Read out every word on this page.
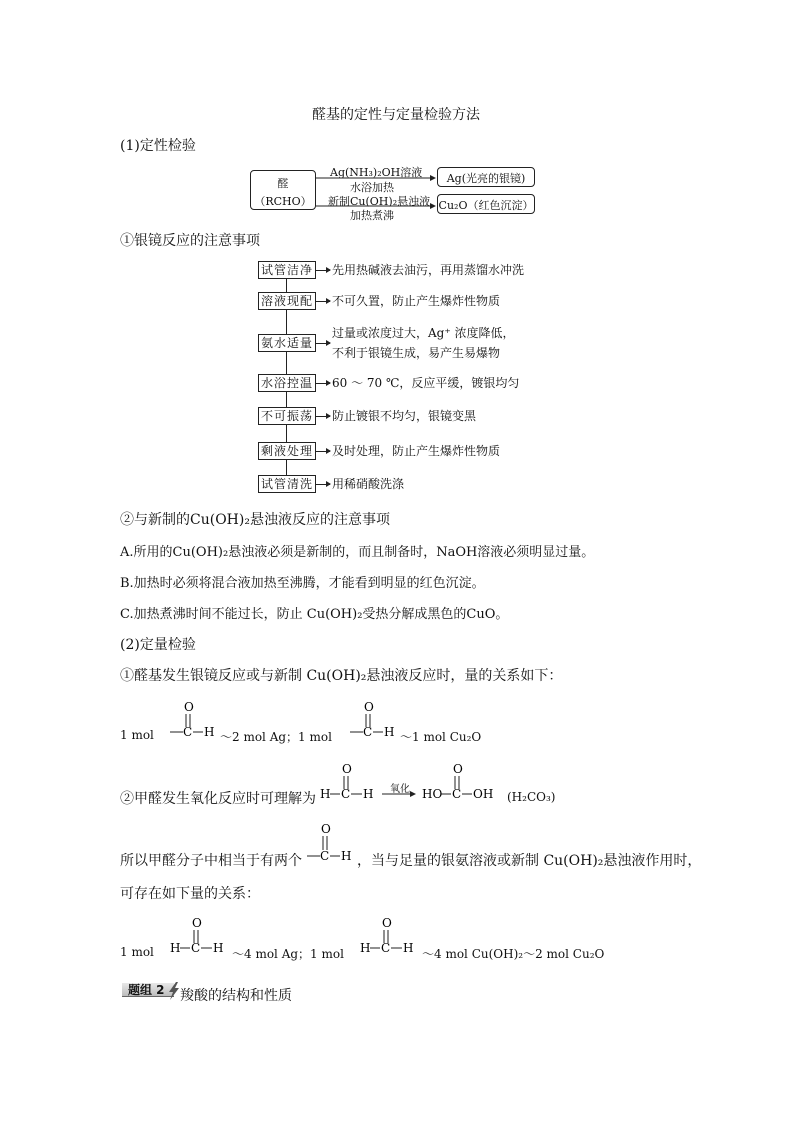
醛基的定性与定量检验方法
(1)定性检验
醛
（RCHO）
Ag(NH₃)₂OH溶液
水浴加热
新制Cu(OH)₂悬浊液
加热煮沸
Ag(光亮的银镜)
Cu₂O（红色沉淀）
①银镜反应的注意事项
试管洁净 先用热碱液去油污，再用蒸馏水冲洗
溶液现配 不可久置，防止产生爆炸性物质
氨水适量
过量或浓度过大，Ag⁺ 浓度降低，
不利于银镜生成，易产生易爆物
水浴控温 60 ～ 70 ℃，反应平缓，镀银均匀
不可振荡 防止镀银不均匀，银镜变黑
剩液处理 及时处理，防止产生爆炸性物质
试管清洗 用稀硝酸洗涤
②与新制的Cu(OH)₂悬浊液反应的注意事项
A.所用的Cu(OH)₂悬浊液必须是新制的，而且制备时，NaOH溶液必须明显过量。
B.加热时必须将混合液加热至沸腾，才能看到明显的红色沉淀。
C.加热煮沸时间不能过长，防止 Cu(OH)₂受热分解成黑色的CuO。
(2)定量检验
①醛基发生银镜反应或与新制 Cu(OH)₂悬浊液反应时，量的关系如下：
1 mol
O
C H ～2 mol Ag；1 mol
O
C H ～1 mol Cu₂O
②甲醛发生氧化反应时可理解为 H C H
O
HO C OH
O
氧化
(H₂CO₃)
所以甲醛分子中相当于有两个
O
C H ，当与足量的银氨溶液或新制 Cu(OH)₂悬浊液作用时，
可存在如下量的关系：
1 mol H C H
O
～4 mol Ag；1 mol H C H
O
～4 mol Cu(OH)₂～2 mol Cu₂O
题组 2	羧酸的结构和性质
